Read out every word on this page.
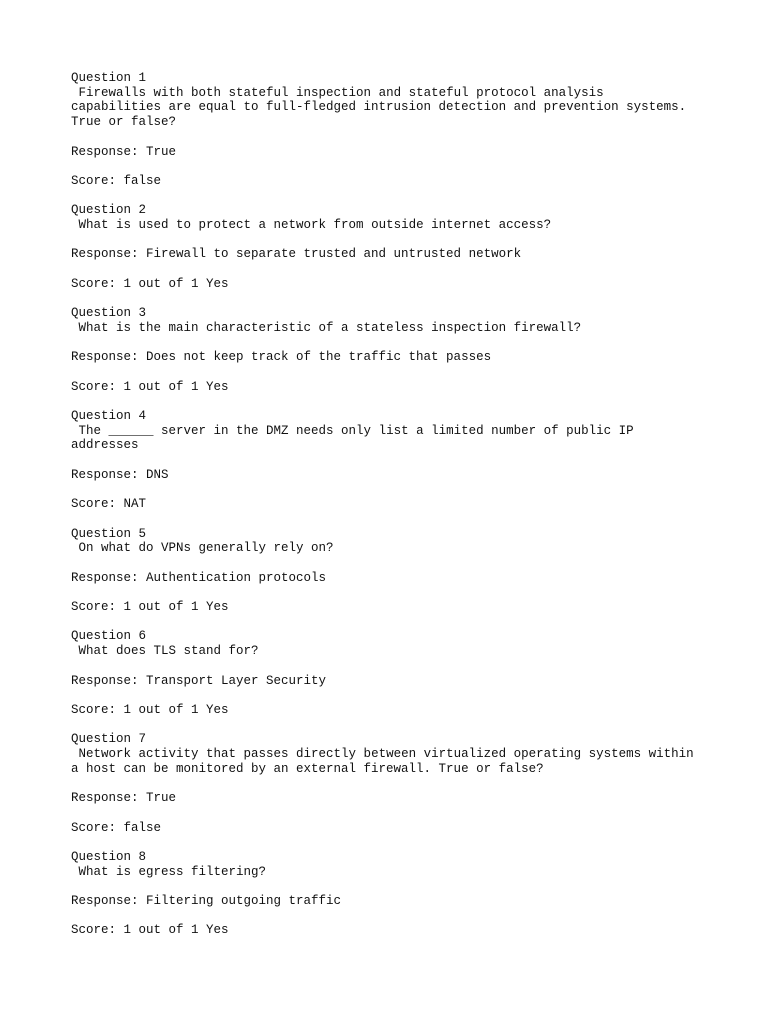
Question 1
Firewalls with both stateful inspection and stateful protocol analysis
capabilities are equal to full-fledged intrusion detection and prevention systems.
True or false?
Response: True
Score: false
Question 2
What is used to protect a network from outside internet access?
Response: Firewall to separate trusted and untrusted network
Score: 1 out of 1 Yes
Question 3
What is the main characteristic of a stateless inspection firewall?
Response: Does not keep track of the traffic that passes
Score: 1 out of 1 Yes
Question 4
The ______ server in the DMZ needs only list a limited number of public IP
addresses
Response: DNS
Score: NAT
Question 5
On what do VPNs generally rely on?
Response: Authentication protocols
Score: 1 out of 1 Yes
Question 6
What does TLS stand for?
Response: Transport Layer Security
Score: 1 out of 1 Yes
Question 7
Network activity that passes directly between virtualized operating systems within
a host can be monitored by an external firewall. True or false?
Response: True
Score: false
Question 8
What is egress filtering?
Response: Filtering outgoing traffic
Score: 1 out of 1 Yes
